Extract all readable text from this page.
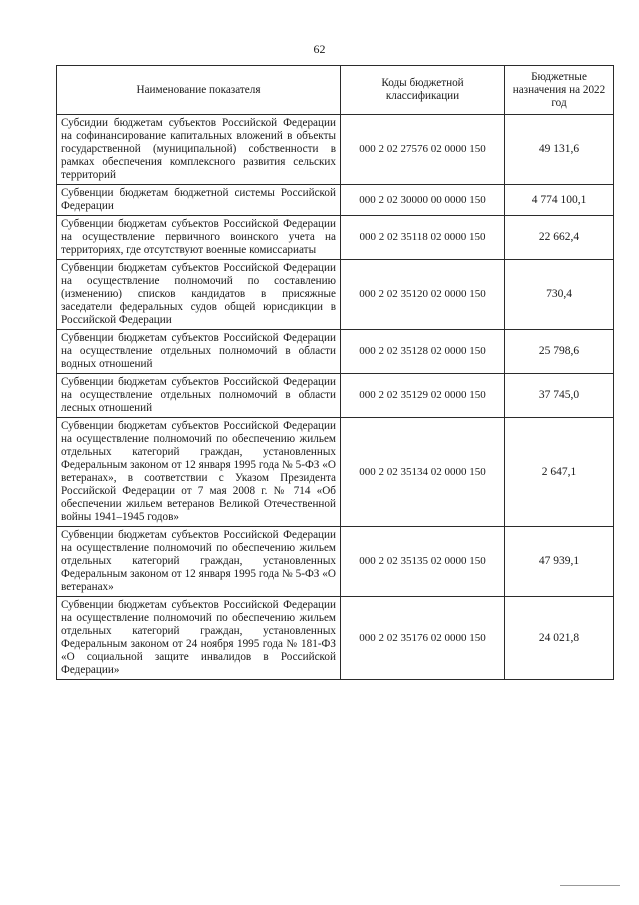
62
Наименование показателя	Коды бюджетной классификации	Бюджетные назначения на 2022 год
Субсидии бюджетам субъектов Российской Федерации на софинансирование капитальных вложений в объекты государственной (муниципальной) собственности в рамках обеспечения комплексного развития сельских территорий	000 2 02 27576 02 0000 150	49 131,6
Субвенции бюджетам бюджетной системы Российской Федерации	000 2 02 30000 00 0000 150	4 774 100,1
Субвенции бюджетам субъектов Российской Федерации на осуществление первичного воинского учета на территориях, где отсутствуют военные комиссариаты	000 2 02 35118 02 0000 150	22 662,4
Субвенции бюджетам субъектов Российской Федерации на осуществление полномочий по составлению (изменению) списков кандидатов в присяжные заседатели федеральных судов общей юрисдикции в Российской Федерации	000 2 02 35120 02 0000 150	730,4
Субвенции бюджетам субъектов Российской Федерации на осуществление отдельных полномочий в области водных отношений	000 2 02 35128 02 0000 150	25 798,6
Субвенции бюджетам субъектов Российской Федерации на осуществление отдельных полномочий в области лесных отношений	000 2 02 35129 02 0000 150	37 745,0
Субвенции бюджетам субъектов Российской Федерации на осуществление полномочий по обеспечению жильем отдельных категорий граждан, установленных Федеральным законом от 12 января 1995 года № 5-ФЗ «О ветеранах», в соответствии с Указом Президента Российской Федерации от 7 мая 2008 г. № 714 «Об обеспечении жильем ветеранов Великой Отечественной войны 1941–1945 годов»	000 2 02 35134 02 0000 150	2 647,1
Субвенции бюджетам субъектов Российской Федерации на осуществление полномочий по обеспечению жильем отдельных категорий граждан, установленных Федеральным законом от 12 января 1995 года № 5-ФЗ «О ветеранах»	000 2 02 35135 02 0000 150	47 939,1
Субвенции бюджетам субъектов Российской Федерации на осуществление полномочий по обеспечению жильем отдельных категорий граждан, установленных Федеральным законом от 24 ноября 1995 года № 181-ФЗ «О социальной защите инвалидов в Российской Федерации»	000 2 02 35176 02 0000 150	24 021,8
